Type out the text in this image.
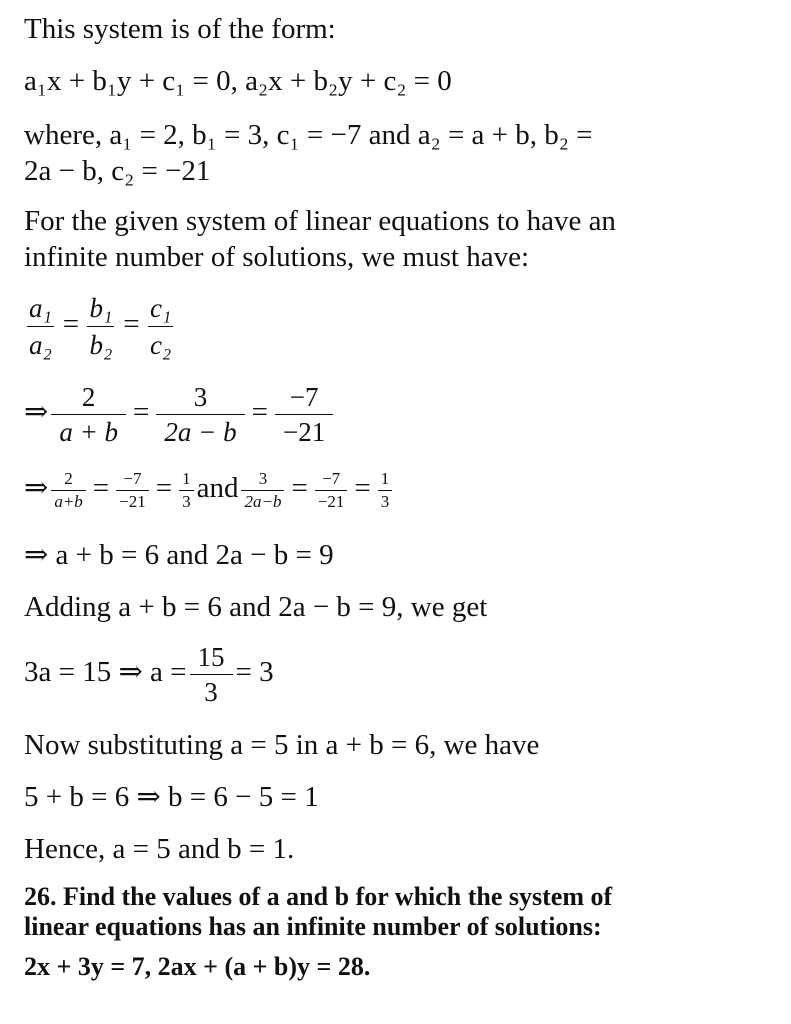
This system is of the form:
a₁x + b₁y + c₁ = 0, a₂x + b₂y + c₂ = 0
where, a₁ = 2, b₁ = 3, c₁ = −7 and a₂ = a + b, b₂ =
2a − b, c₂ = −21
For the given system of linear equations to have an
infinite number of solutions, we must have:
$\frac{\text{a₁}}{\text{a₂}} = \frac{\text{b₁}}{\text{b₂}} = \frac{\text{c₁}}{\text{c₂}}$
⇒ $\frac{2}{a + b} = \frac{3}{2a - b} = \frac{-7}{-21}$
⇒ $\frac{2}{a+b} = \frac{-7}{-21} = \frac{1}{3}$ and $\frac{3}{2a-b} = \frac{-7}{-21} = \frac{1}{3}$
⇒ a + b = 6 and 2a − b = 9
Adding a + b = 6 and 2a − b = 9, we get
3a = 15 ⇒ $a = \frac{15}{3} = 3$
Now substituting a = 5 in a + b = 6, we have
5 + b = 6 ⇒ b = 6 − 5 = 1
Hence, a = 5 and b = 1.
26. Find the values of a and b for which the system of
linear equations has an infinite number of solutions:
2x + 3y = 7, 2ax + (a + b)y = 28.
